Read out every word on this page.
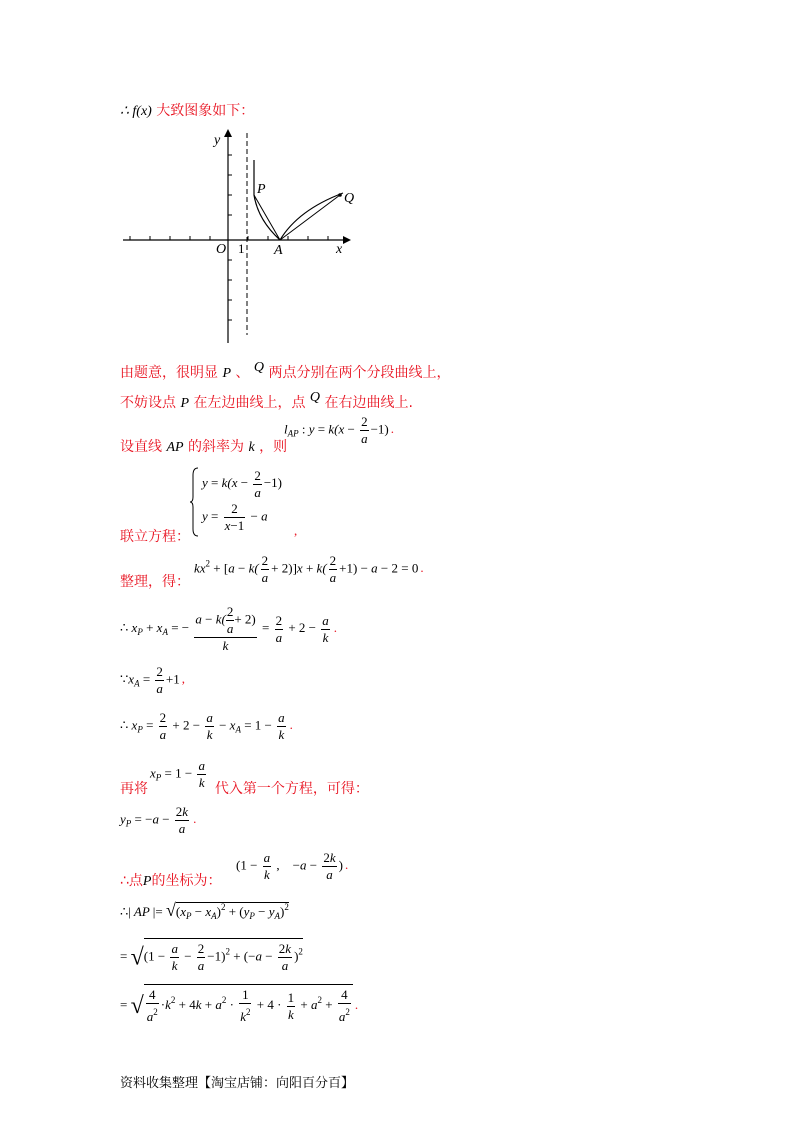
∴ f(x) 大致图象如下：
y
x
O 1
P
Q
A
由题意，很明显 P 、 Q 两点分别在两个分段曲线上，
不妨设点 P 在左边曲线上，点 Q 在右边曲线上.
设直线 AP 的斜率为 k ，则
$l_{AP}$ : $y = k(x - \frac{2}{a} -1)$ .
$y = k(x - \frac{2}{a} -1)$
$y = \frac{2}{x-1} - a$
联立方程：	,
整理，得：
$kx^2 + [a - k( \frac{2}{a} + 2)]x + k( \frac{2}{a} +1) - a - 2 = 0$ .
∴ $x_P + x_A$ = − $\frac{a - k( \frac{2}{a} + 2)}{k} = \frac{2}{a} + 2 - \frac{a}{k}$ .
$\because x_A = \frac{2}{a} +1$ ,
∴ $x_P = \frac{2}{a} + 2 - \frac{a}{k} - x_A = 1 - \frac{a}{k}$ .
再将	代入第一个方程，可得：
$x_P = 1 - \frac{a}{k}$
$y_P = -a - \frac{2k}{a}$ .
∴点P的坐标为：
($1 - \frac{a}{k}$ ,    $-a - \frac{2k}{a}$ ) .
∴| AP |= $√(x_P - x_A)^2 + (y_P - y_A)^2$
= $√(1 - \frac{a}{k} - \frac{2}{a} -1)^2 + (-a - \frac{2k}{a} )^2$
= √ $\frac{4}{a^2} \cdot k^2 + 4k + a^2 \cdot \frac{1}{k^2} + 4 \cdot \frac{1}{k} + a^2 + \frac{4}{a^2}$ .
资料收集整理【淘宝店铺：向阳百分百】
